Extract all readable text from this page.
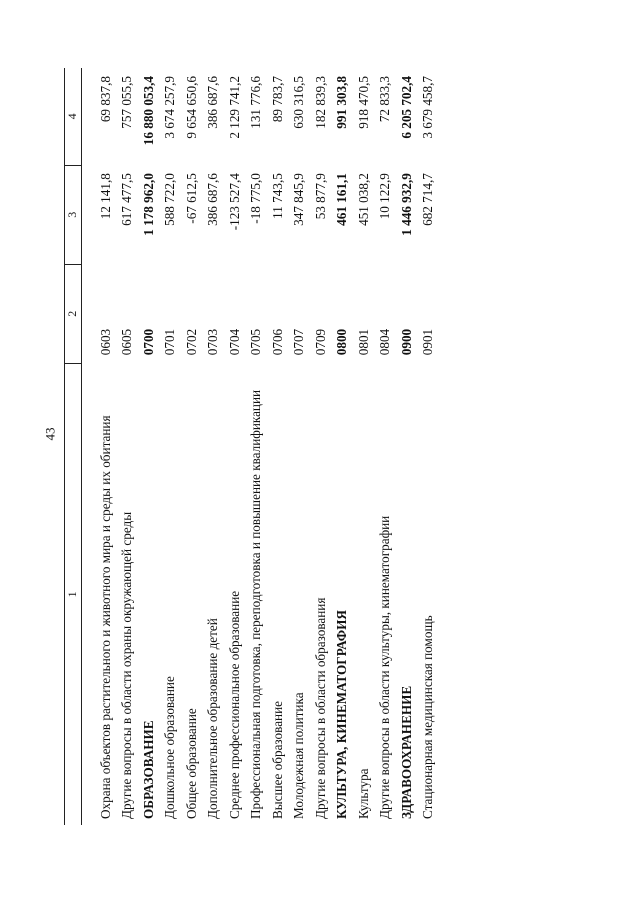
43
1	2	3	4
Охрана объектов растительного и животного мира и среды их обитания	0603	12 141,8	69 837,8
Другие вопросы в области охраны окружающей среды	0605	617 477,5	757 055,5
ОБРАЗОВАНИЕ	0700	1 178 962,0	16 880 053,4
Дошкольное образование	0701	588 722,0	3 674 257,9
Общее образование	0702	-67 612,5	9 654 650,6
Дополнительное образование детей	0703	386 687,6	386 687,6
Среднее профессиональное образование	0704	-123 527,4	2 129 741,2
Профессиональная подготовка, переподготовка и повышение квалификации	0705	-18 775,0	131 776,6
Высшее образование	0706	11 743,5	89 783,7
Молодежная политика	0707	347 845,9	630 316,5
Другие вопросы в области образования	0709	53 877,9	182 839,3
КУЛЬТУРА, КИНЕМАТОГРАФИЯ	0800	461 161,1	991 303,8
Культура	0801	451 038,2	918 470,5
Другие вопросы в области культуры, кинематографии	0804	10 122,9	72 833,3
ЗДРАВООХРАНЕНИЕ	0900	1 446 932,9	6 205 702,4
Стационарная медицинская помощь	0901	682 714,7	3 679 458,7
